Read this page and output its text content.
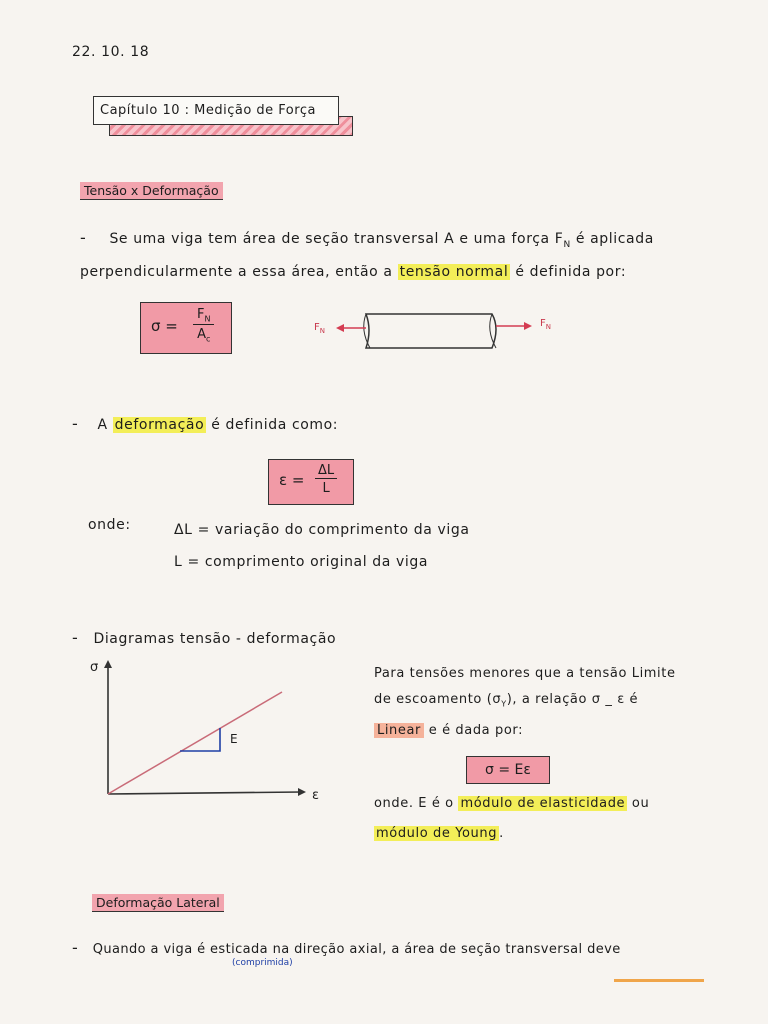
22. 10. 18
Capítulo 10 : Medição de Força
Tensão x Deformação
- Se uma viga tem área de seção transversal A e uma força $F_N$ é aplicada
perpendicularmente a essa área, então a tensão normal é definida por:
σ =
$F_N$
$A_c$
$F_N$
$F_N$
- A deformação é definida como:
$\varepsilon = \frac{\Delta L}{L}$
onde:	ΔL = variação do comprimento da viga
L = comprimento original da viga
- Diagramas tensão - deformação
σ
ε
E
Para tensões menores que a tensão Limite
de escoamento $(\sigma_Y)$, a relação σ _ ε é
Linear e é dada por:
σ = Eε
onde. E é o módulo de elasticidade ou
módulo de Young .
Deformação Lateral
- Quando a viga é esticada na direção axial, a área de seção transversal deve
(comprimida)
